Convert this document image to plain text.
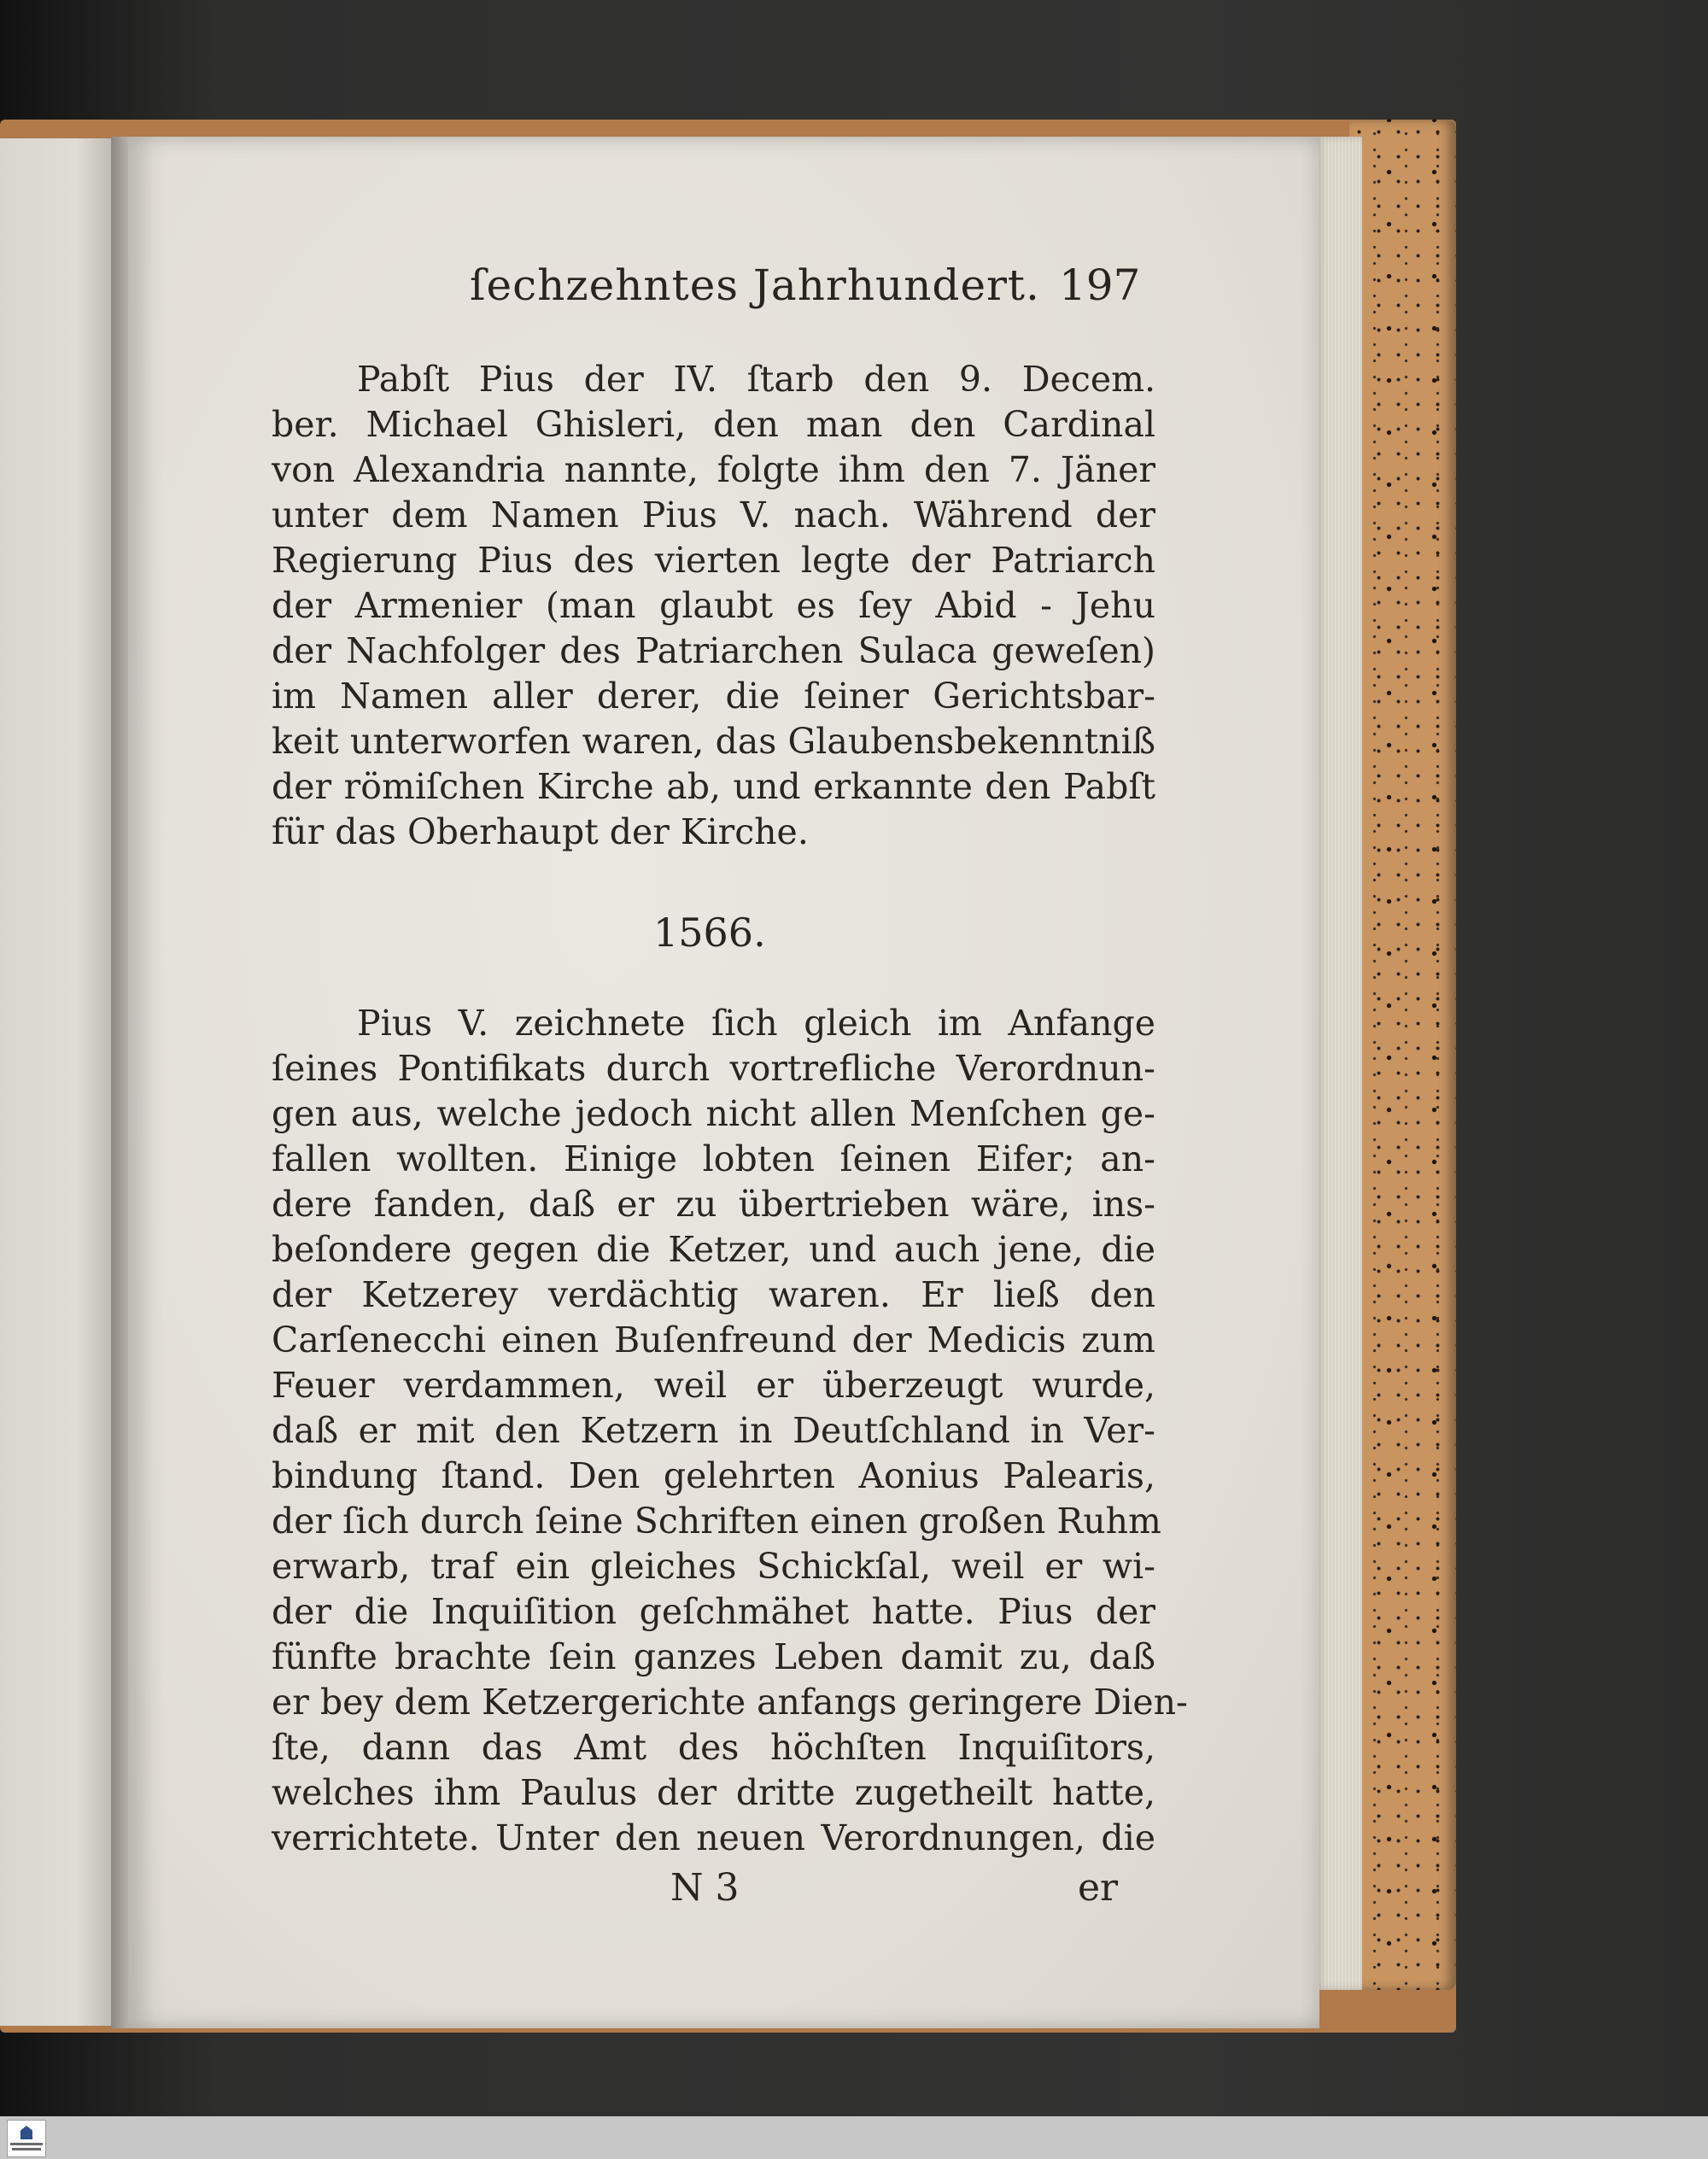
ſechzehntes Jahrhundert. 197
Pabſt Pius der IV. ſtarb den 9. Decem.
ber. Michael Ghisleri, den man den Cardinal
von Alexandria nannte, folgte ihm den 7. Jäner
unter dem Namen Pius V. nach. Während der
Regierung Pius des vierten legte der Patriarch
der Armenier (man glaubt es ſey Abid - Jehu
der Nachfolger des Patriarchen Sulaca geweſen)
im Namen aller derer, die ſeiner Gerichtsbar-
keit unterworfen waren, das Glaubensbekenntniß
der römiſchen Kirche ab, und erkannte den Pabſt
für das Oberhaupt der Kirche.
1566.
Pius V. zeichnete ſich gleich im Anfange
ſeines Pontifikats durch vortrefliche Verordnun-
gen aus, welche jedoch nicht allen Menſchen ge-
fallen wollten. Einige lobten ſeinen Eifer; an-
dere fanden, daß er zu übertrieben wäre, ins-
beſondere gegen die Ketzer, und auch jene, die
der Ketzerey verdächtig waren. Er ließ den
Carſenecchi einen Buſenfreund der Medicis zum
Feuer verdammen, weil er überzeugt wurde,
daß er mit den Ketzern in Deutſchland in Ver-
bindung ſtand. Den gelehrten Aonius Palearis,
der ſich durch ſeine Schriften einen großen Ruhm
erwarb, traf ein gleiches Schickſal, weil er wi-
der die Inquiſition geſchmähet hatte. Pius der
fünfte brachte ſein ganzes Leben damit zu, daß
er bey dem Ketzergerichte anfangs geringere Dien-
ſte, dann das Amt des höchſten Inquiſitors,
welches ihm Paulus der dritte zugetheilt hatte,
verrichtete. Unter den neuen Verordnungen, die
N 3	er
